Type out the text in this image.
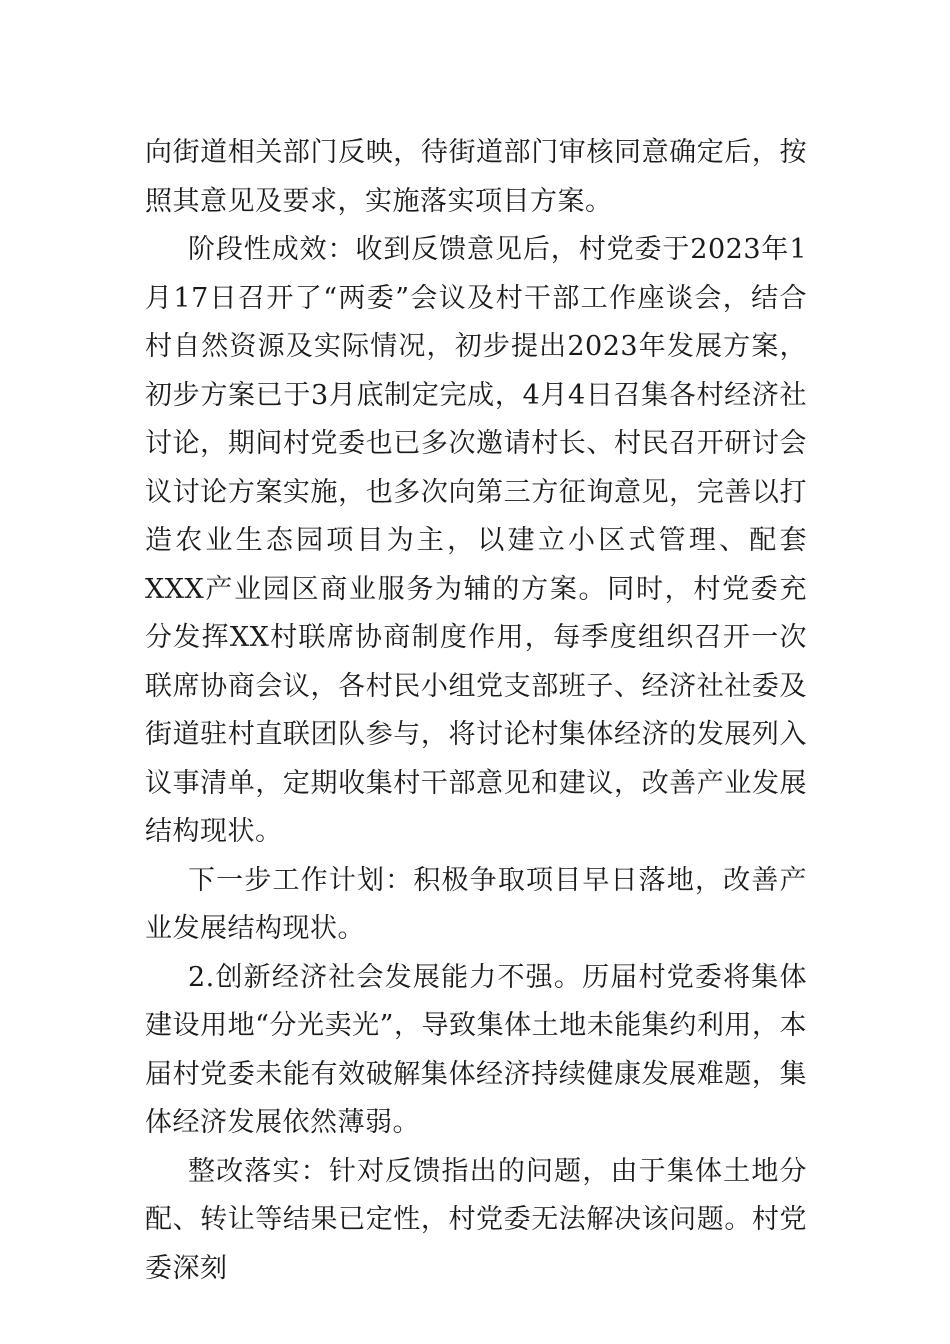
向街道相关部门反映，待街道部门审核同意确定后，按照其意见及要求，实施落实项目方案。

阶段性成效：收到反馈意见后，村党委于2023年1月17日召开了“两委”会议及村干部工作座谈会，结合村自然资源及实际情况，初步提出2023年发展方案，初步方案已于3月底制定完成，4月4日召集各村经济社讨论，期间村党委也已多次邀请村长、村民召开研讨会议讨论方案实施，也多次向第三方征询意见，完善以打造农业生态园项目为主，以建立小区式管理、配套XXX产业园区商业服务为辅的方案。同时，村党委充分发挥XX村联席协商制度作用，每季度组织召开一次联席协商会议，各村民小组党支部班子、经济社社委及街道驻村直联团队参与，将讨论村集体经济的发展列入议事清单，定期收集村干部意见和建议，改善产业发展结构现状。

下一步工作计划：积极争取项目早日落地，改善产业发展结构现状。

2.创新经济社会发展能力不强。历届村党委将集体建设用地“分光卖光”，导致集体土地未能集约利用，本届村党委未能有效破解集体经济持续健康发展难题，集体经济发展依然薄弱。

整改落实：针对反馈指出的问题，由于集体土地分配、转让等结果已定性，村党委无法解决该问题。村党委深刻
